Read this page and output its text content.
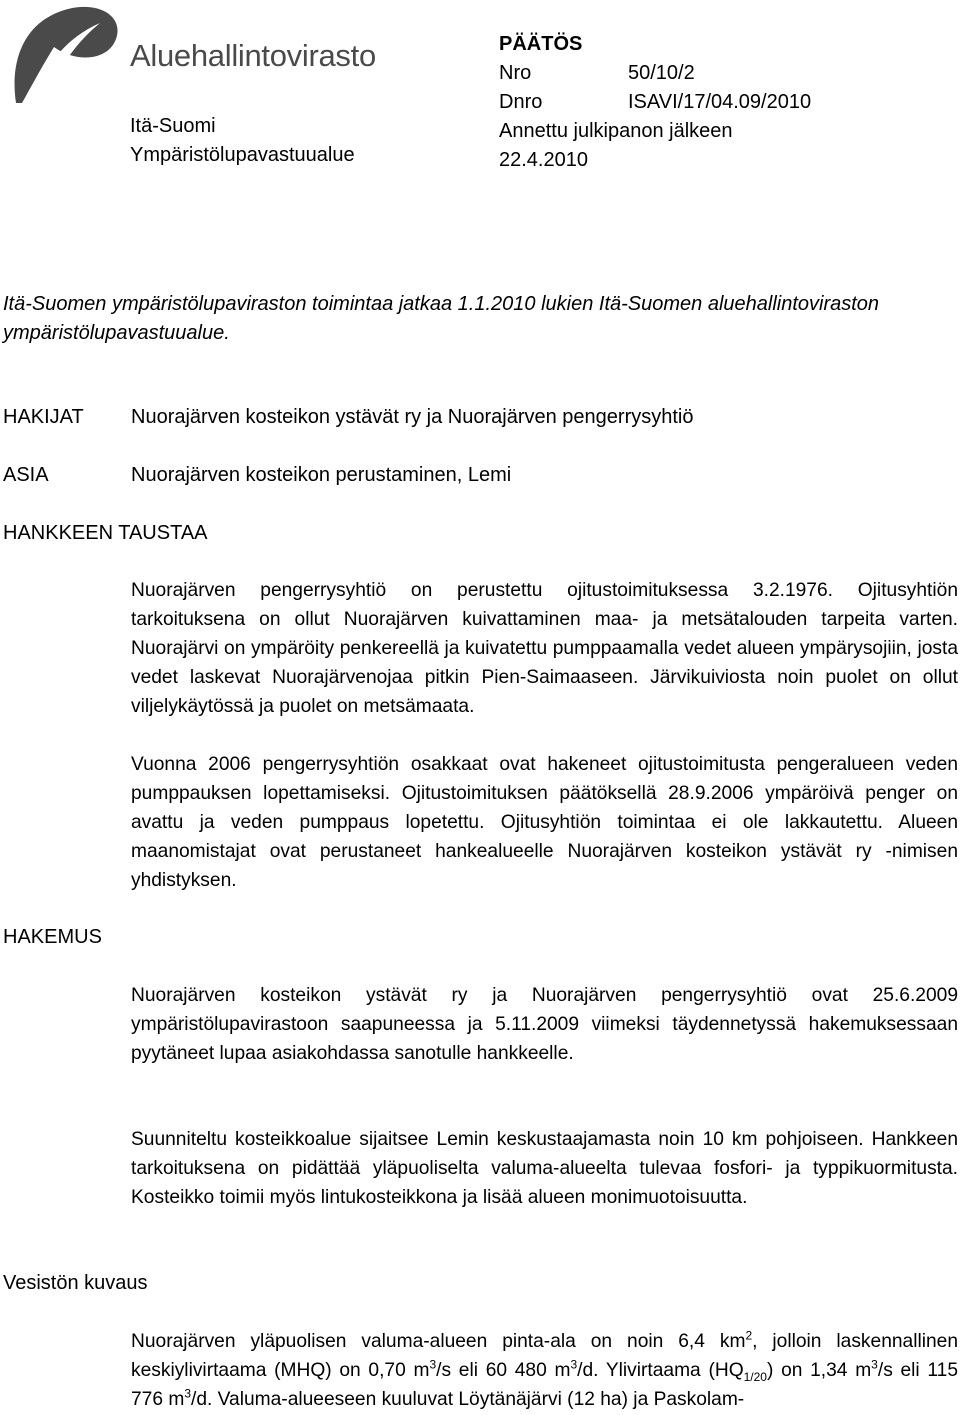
Aluehallintovirasto
Itä-Suomi
Ympäristölupavastuualue
PÄÄTÖS
Nro	50/10/2
Dnro	ISAVI/17/04.09/2010
Annettu julkipanon jälkeen
22.4.2010
Itä-Suomen ympäristölupaviraston toimintaa jatkaa 1.1.2010 lukien Itä-Suomen aluehallintoviraston ympäristölupavastuualue.
HAKIJAT Nuorajärven kosteikon ystävät ry ja Nuorajärven pengerrysyhtiö
ASIA	Nuorajärven kosteikon perustaminen, Lemi
HANKKEEN TAUSTAA
Nuorajärven pengerrysyhtiö on perustettu ojitustoimituksessa 3.2.1976. Ojitusyhtiön tarkoituksena on ollut Nuorajärven kuivattaminen maa- ja metsätalouden tarpeita varten. Nuorajärvi on ympäröity penkereellä ja kuivatettu pumppaamalla vedet alueen ympärysojiin, josta vedet laskevat Nuorajärvenojaa pitkin Pien-Saimaaseen. Järvikuiviosta noin puolet on ollut viljelykäytössä ja puolet on metsämaata.
Vuonna 2006 pengerrysyhtiön osakkaat ovat hakeneet ojitustoimitusta pengeralueen veden pumppauksen lopettamiseksi. Ojitustoimituksen päätöksellä 28.9.2006 ympäröivä penger on avattu ja veden pumppaus lopetettu. Ojitusyhtiön toimintaa ei ole lakkautettu. Alueen maanomistajat ovat perustaneet hankealueelle Nuorajärven kosteikon ystävät ry -nimisen yhdistyksen.
HAKEMUS
Nuorajärven kosteikon ystävät ry ja Nuorajärven pengerrysyhtiö ovat 25.6.2009 ympäristölupavirastoon saapuneessa ja 5.11.2009 viimeksi täydennetyssä hakemuksessaan pyytäneet lupaa asiakohdassa sanotulle hankkeelle.
Suunniteltu kosteikkoalue sijaitsee Lemin keskustaajamasta noin 10 km pohjoiseen. Hankkeen tarkoituksena on pidättää yläpuoliselta valuma-alueelta tulevaa fosfori- ja typpikuormitusta. Kosteikko toimii myös lintukosteikkona ja lisää alueen monimuotoisuutta.
Vesistön kuvaus
Nuorajärven yläpuolisen valuma-alueen pinta-ala on noin 6,4 $km^2$, jolloin laskennallinen keskiylivirtaama (MHQ) on 0,70 $m^3/s$ eli 60 480 $m^3/d$. Ylivirtaama $(HQ_{1/20})$ on 1,34 $m^3/s$ eli 115 776 $m^3/d$. Valuma-alueeseen kuuluvat Löytänäjärvi (12 ha) ja Paskolam-
